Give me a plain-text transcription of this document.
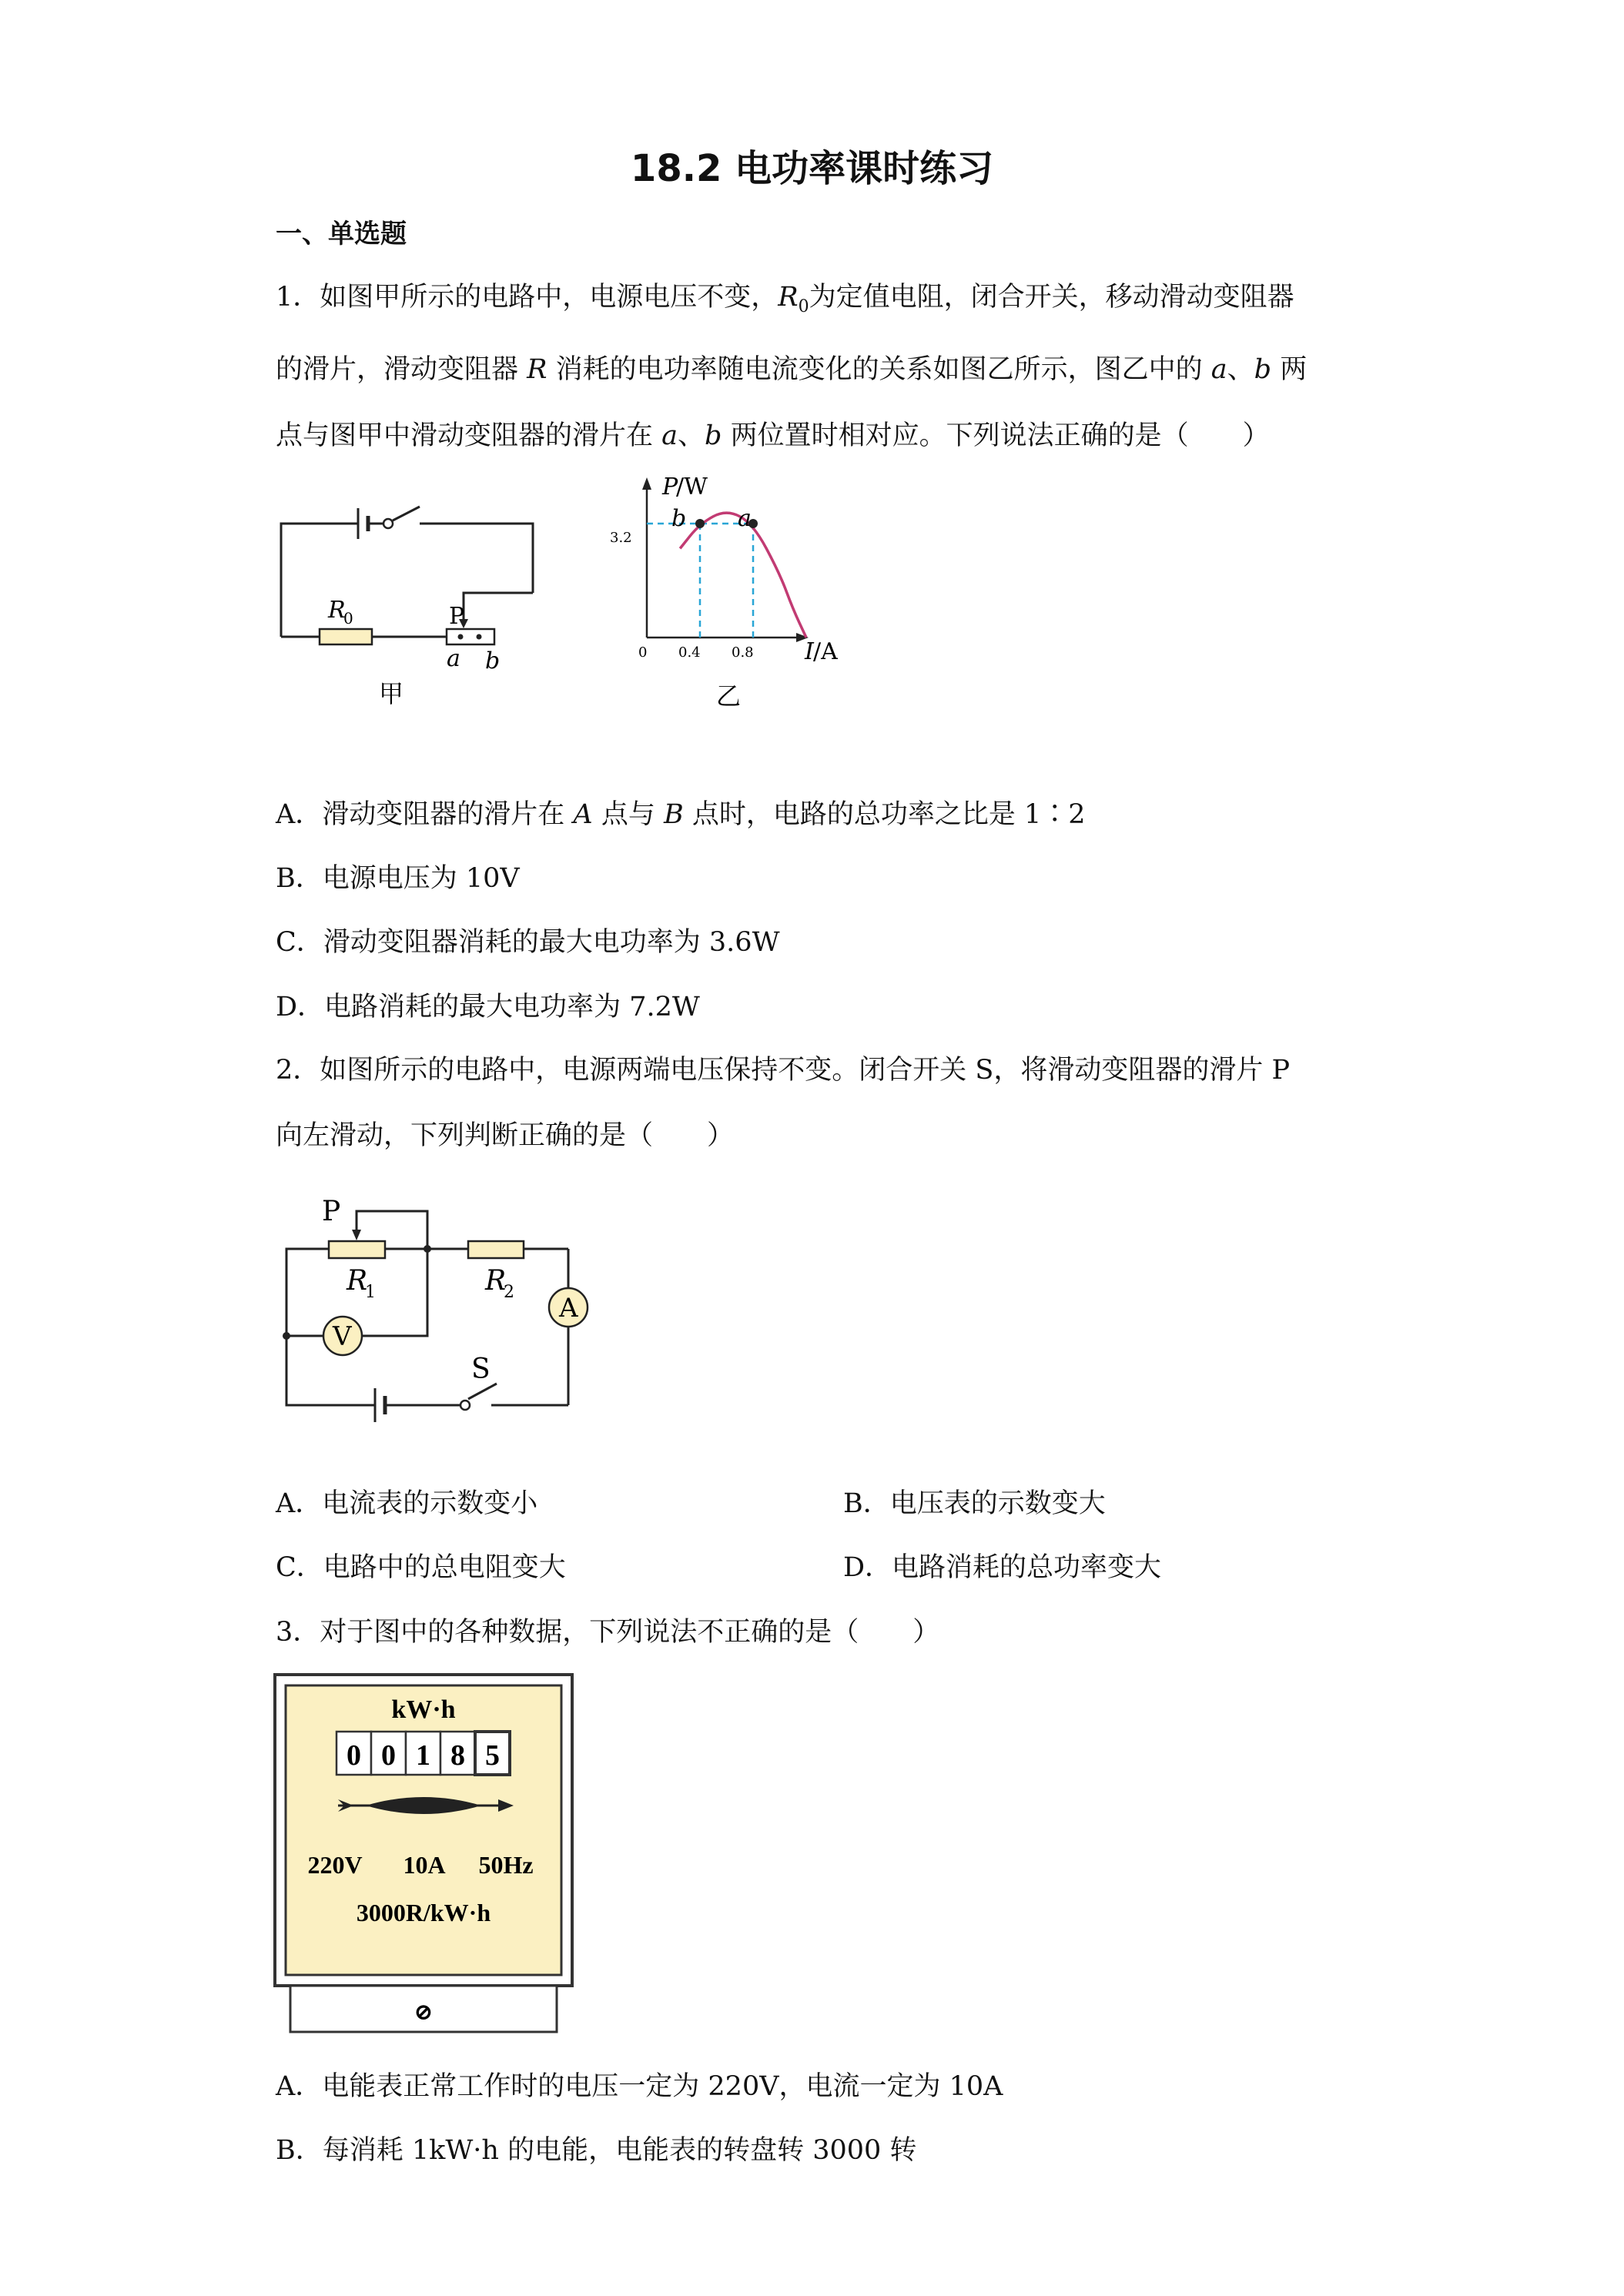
18.2 电功率课时练习
一、单选题
1．如图甲所示的电路中，电源电压不变，$R_0$为定值电阻，闭合开关，移动滑动变阻器
的滑片，滑动变阻器 R 消耗的电功率随电流变化的关系如图乙所示，图乙中的 a、b 两
点与图甲中滑动变阻器的滑片在 a、b 两位置时相对应。下列说法正确的是（　　）
R
0	P
a b
甲
P
/W
I /A
0
3.2
0.4 0.8
b a
乙
A．滑动变阻器的滑片在 A 点与 B 点时，电路的总功率之比是 1∶2
B．电源电压为 10V
C．滑动变阻器消耗的最大电功率为 3.6W
D．电路消耗的最大电功率为 7.2W
2．如图所示的电路中，电源两端电压保持不变。闭合开关 S，将滑动变阻器的滑片 P
向左滑动，下列判断正确的是（　　）
V
A
P
R
1	R
2
S
A．电流表的示数变小	B．电压表的示数变大
C．电路中的总电阻变大	D．电路消耗的总功率变大
3．对于图中的各种数据，下列说法不正确的是（　　）
kW·h
0 0 1 8 5
220V 10A 50Hz
3000R/kW·h
⊘
A．电能表正常工作时的电压一定为 220V，电流一定为 10A
B．每消耗 1kW·h 的电能，电能表的转盘转 3000 转
